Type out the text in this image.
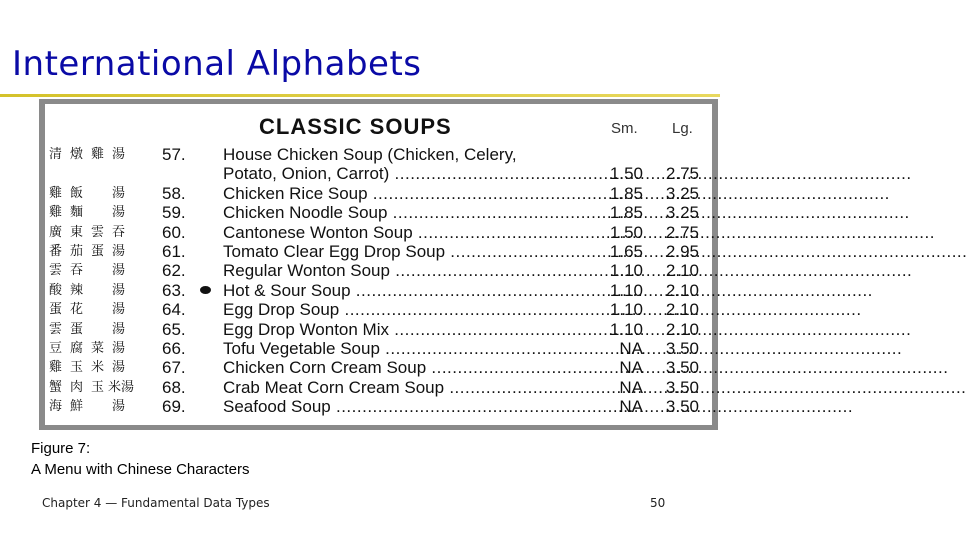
International Alphabets
CLASSIC SOUPS	Sm. Lg.
清 燉 雞 湯	57. House Chicken Soup (Chicken, Celery,
Potato, Onion, Carrot) .....	1.50	2.75
雞 飯 湯	58. Chicken Rice Soup .....	1.85	3.25
雞 麵 湯	59. Chicken Noodle Soup .....	1.85	3.25
廣 東 雲 吞	60. Cantonese Wonton Soup .....	1.50	2.75
番 茄 蛋 湯	61. Tomato Clear Egg Drop Soup .....	1.65	2.95
雲 吞 湯	62. Regular Wonton Soup .....	1.10	2.10
酸 辣 湯	63. Hot & Sour Soup .....	1.10	2.10
蛋 花 湯	64. Egg Drop Soup .....	1.10	2.10
雲 蛋 湯	65. Egg Drop Wonton Mix .....	1.10	2.10
豆 腐 菜 湯	66. Tofu Vegetable Soup .....	NA	3.50
雞 玉 米 湯	67. Chicken Corn Cream Soup .....	NA	3.50
蟹 肉 玉 米湯 68. Crab Meat Corn Cream Soup .....	NA	3.50
海 鮮 湯	69. Seafood Soup .....	NA	3.50
Figure 7:
A Menu with Chinese Characters
Chapter 4 — Fundamental Data Types	50
